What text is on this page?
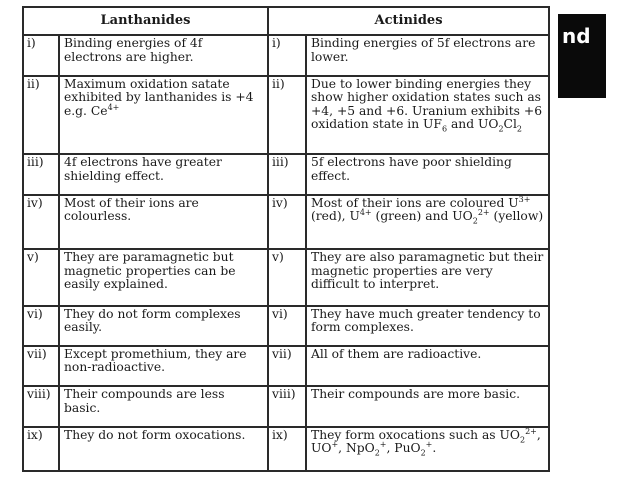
Lanthanides		Actinides	
i)	Binding energies of 4f electrons are higher.	i)	Binding energies of 5f electrons are lower.
ii)	Maximum oxidation satate exhibited by lanthanides is +4 e.g. $Ce^{4+}$	ii)	Due to lower binding energies they show higher oxidation states such as +4, +5 and +6. Uranium exhibits +6 oxidation state in $UF_6$ and $UO_2Cl_2$
iii)	4f electrons have greater shielding effect.	iii)	5f electrons have poor shielding effect.
iv)	Most of their ions are colourless.	iv)	Most of their ions are coloured $U^{3+}$ (red), $U^{4+}$ (green) and $UO_2^{2+}$ (yellow)
v)	They are paramagnetic but magnetic properties can be easily explained.	v)	They are also paramagnetic but their magnetic properties are very difficult to interpret.
vi)	They do not form complexes easily.	vi)	They have much greater tendency to form complexes.
vii)	Except promethium, they are non-radioactive.	vii)	All of them are radioactive.
viii)	Their compounds are less basic.	viii)	Their compounds are more basic.
ix)	They do not form oxocations.	ix)	They form oxocations such as $UO_2^{2+}$, UO+, NpO$_2$+, PuO$_2$+.
nd
